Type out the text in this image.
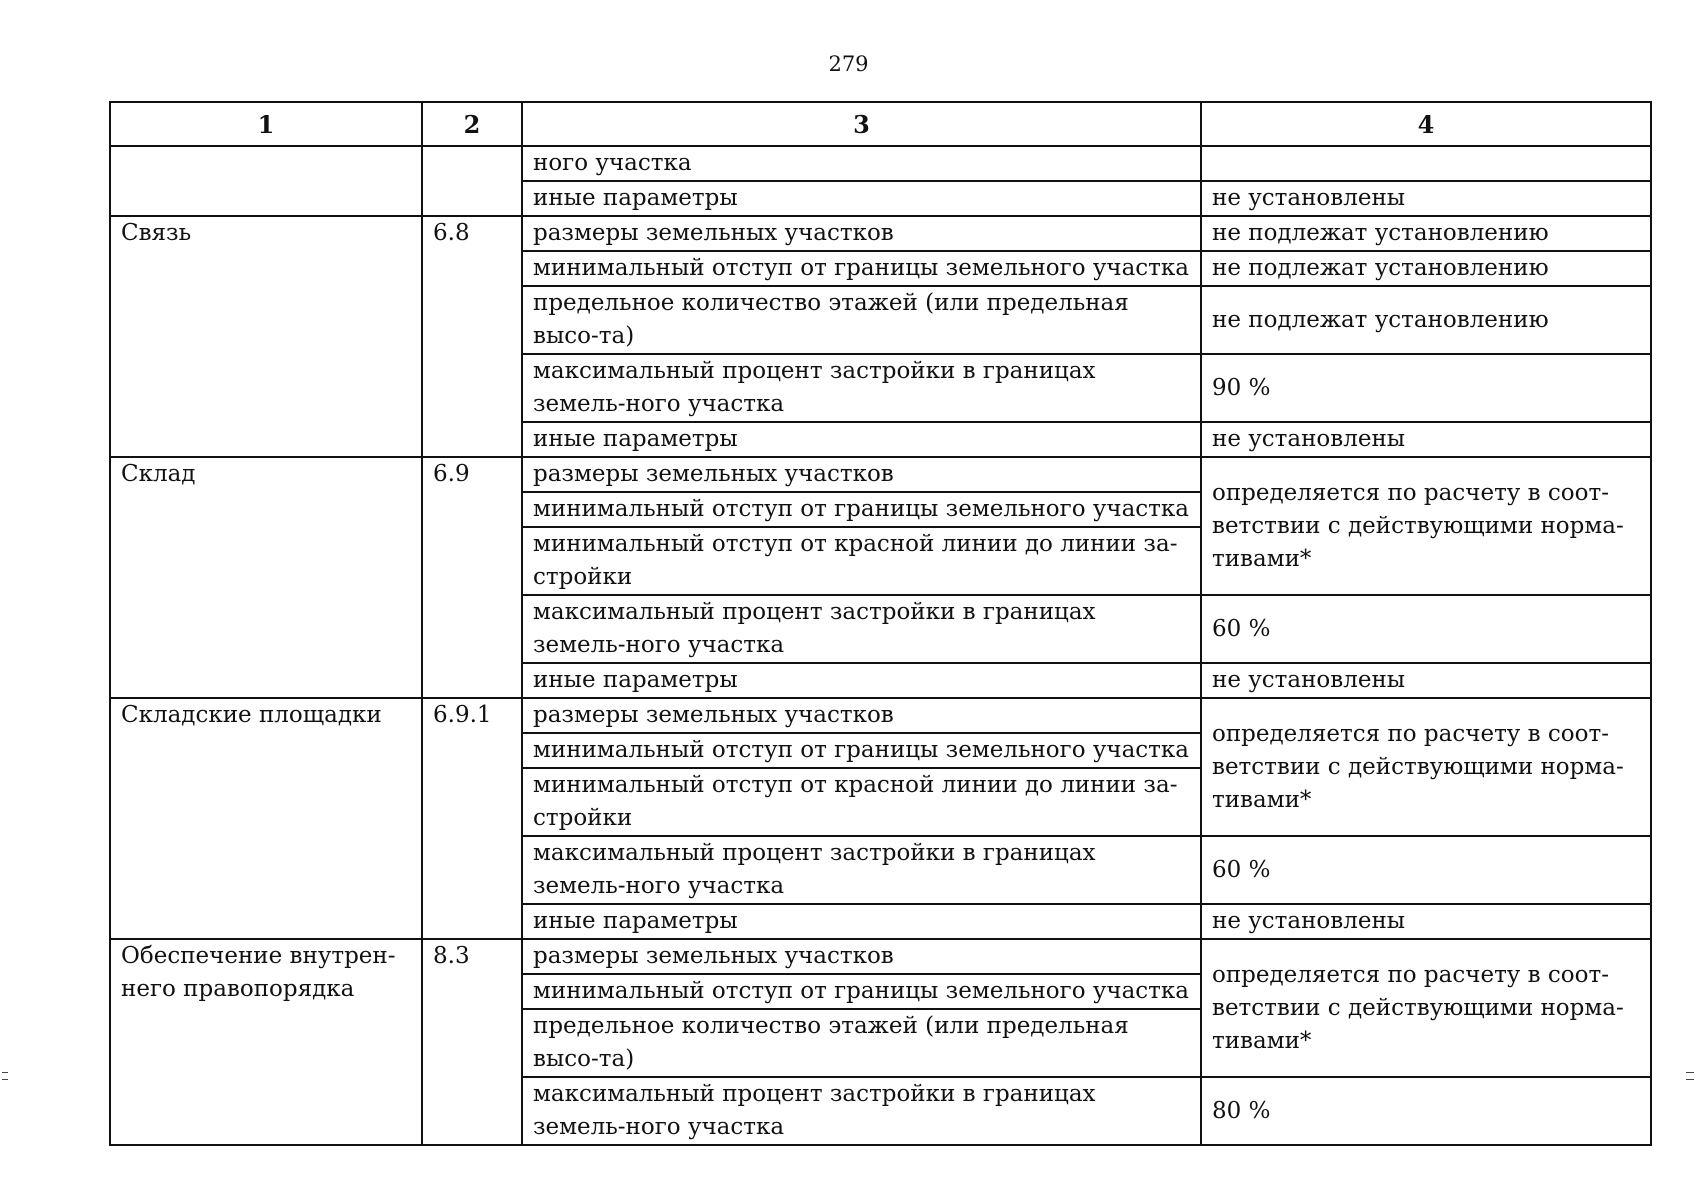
279
1	2	3	4
		ного участка	
		иные параметры	не установлены
Связь	6.8	размеры земельных участков	не подлежат установлению
		минимальный отступ от границы земельного участка	не подлежат установлению
		предельное количество этажей (или предельная высо-та)	не подлежат установлению
		максимальный процент застройки в границах земель-ного участка	90 %
		иные параметры	не установлены
Склад	6.9	размеры земельных участков	определяется по расчету в соот-ветствии с действующими норма-тивами*
		минимальный отступ от границы земельного участка	
		минимальный отступ от красной линии до линии за-стройки	
		максимальный процент застройки в границах земель-ного участка	60 %
		иные параметры	не установлены
Складские площадки	6.9.1	размеры земельных участков	определяется по расчету в соот-ветствии с действующими норма-тивами*
		минимальный отступ от границы земельного участка	
		минимальный отступ от красной линии до линии за-стройки	
		максимальный процент застройки в границах земель-ного участка	60 %
		иные параметры	не установлены
Обеспечение внутрен-него правопорядка	8.3	размеры земельных участков	определяется по расчету в соот-ветствии с действующими норма-тивами*
		минимальный отступ от границы земельного участка	
		предельное количество этажей (или предельная высо-та)	
		максимальный процент застройки в границах земель-ного участка	80 %
